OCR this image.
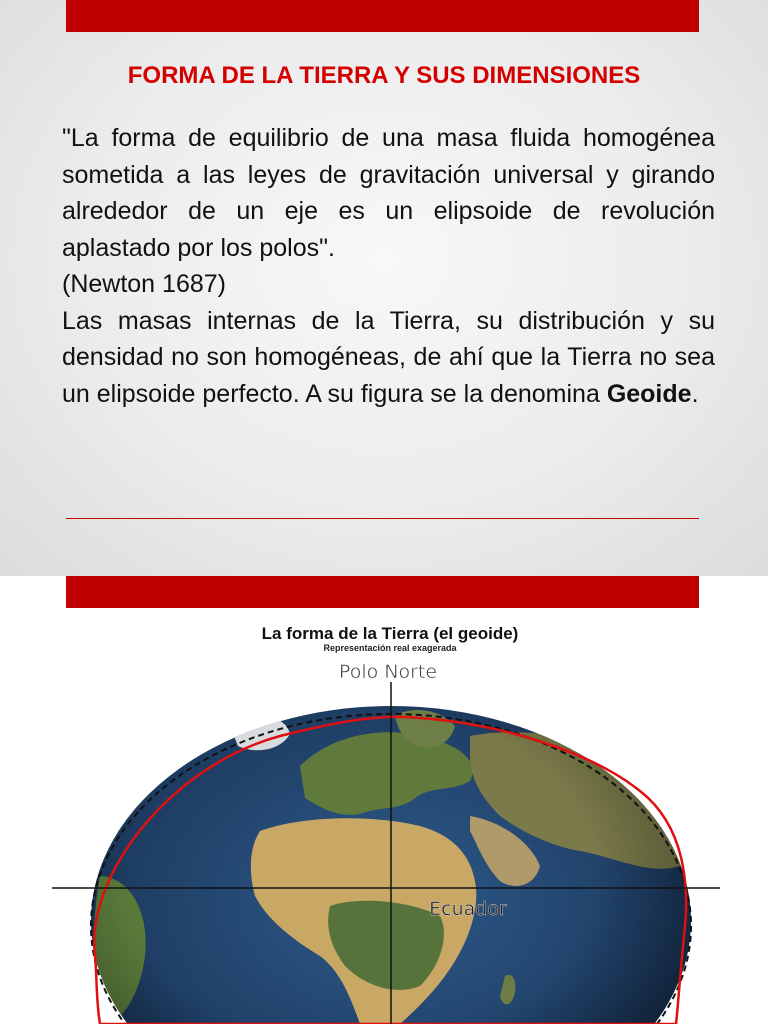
FORMA DE LA TIERRA Y SUS DIMENSIONES
"La forma de equilibrio de una masa fluida homogénea sometida a las leyes de gravitación universal y girando alrededor de un eje es un elipsoide de revolución aplastado por los polos".
(Newton 1687)
Las masas internas de la Tierra, su distribución y su densidad no son homogéneas, de ahí que la Tierra no sea un elipsoide perfecto. A su figura se la denomina Geoide.
Polo Norte
Ecuador
La forma de la Tierra (el geoide)
Representación real exagerada
